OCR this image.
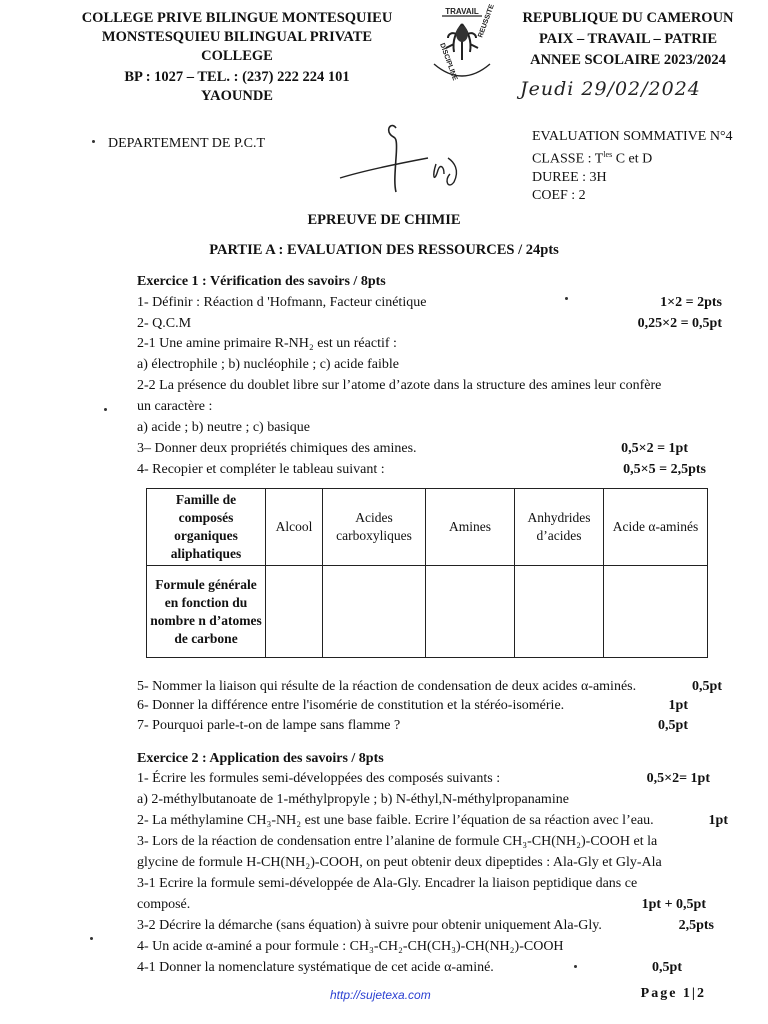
COLLEGE PRIVE BILINGUE MONTESQUIEU
MONSTESQUIEU BILINGUAL PRIVATE
COLLEGE
BP : 1027 – TEL. : (237) 222 224 101
YAOUNDE
TRAVAIL
DISCIPLINE
REUSSITE	REPUBLIQUE DU CAMEROUN
PAIX – TRAVAIL – PATRIE
ANNEE SCOLAIRE 2023/2024
Jeudi 29/02/2024
DEPARTEMENT DE P.C.T	EVALUATION SOMMATIVE N°4
CLASSE : $T^{les}$ C et D
DUREE : 3H
COEF : 2
EPREUVE DE CHIMIE
PARTIE A : EVALUATION DES RESSOURCES / 24pts
Exercice 1 : Vérification des savoirs / 8pts
1- Définir : Réaction d 'Hofmann, Facteur cinétique	1×2 = 2pts
2- Q.C.M	0,25×2 = 0,5pt
2-1 Une amine primaire R-NH₂ est un réactif :
a) électrophile ; b) nucléophile ; c) acide faible
2-2 La présence du doublet libre sur l’atome d’azote dans la structure des amines leur confère
un caractère :
a) acide ; b) neutre ; c) basique
3– Donner deux propriétés chimiques des amines.	0,5×2 = 1pt
4- Recopier et compléter le tableau suivant :	0,5×5 = 2,5pts
Famille de composés organiques aliphatiques	Alcool	Acides carboxyliques	Amines	Anhydrides d’acides	Acide α-aminés
Formule générale en fonction du nombre n d’atomes de carbone					
5- Nommer la liaison qui résulte de la réaction de condensation de deux acides α-aminés.	0,5pt
6- Donner la différence entre l'isomérie de constitution et la stéréo-isomérie.	1pt
7- Pourquoi parle-t-on de lampe sans flamme ?	0,5pt
Exercice 2 : Application des savoirs / 8pts
1- Écrire les formules semi-développées des composés suivants :	0,5×2= 1pt
a) 2-méthylbutanoate de 1-méthylpropyle ; b) N-éthyl,N-méthylpropanamine
2- La méthylamine CH₃-NH₂ est une base faible. Ecrire l’équation de sa réaction avec l’eau.	1pt
3- Lors de la réaction de condensation entre l’alanine de formule CH₃-CH(NH₂)-COOH et la
glycine de formule H-CH(NH₂)-COOH, on peut obtenir deux dipeptides : Ala-Gly et Gly-Ala
3-1 Ecrire la formule semi-développée de Ala-Gly. Encadrer la liaison peptidique dans ce
composé.	1pt + 0,5pt
3-2 Décrire la démarche (sans équation) à suivre pour obtenir uniquement Ala-Gly.	2,5pts
4- Un acide α-aminé a pour formule : CH₃-CH₂-CH(CH₃)-CH(NH₂)-COOH
4-1 Donner la nomenclature systématique de cet acide α-aminé.	0,5pt
http://sujetexa.com	Page 1|2
